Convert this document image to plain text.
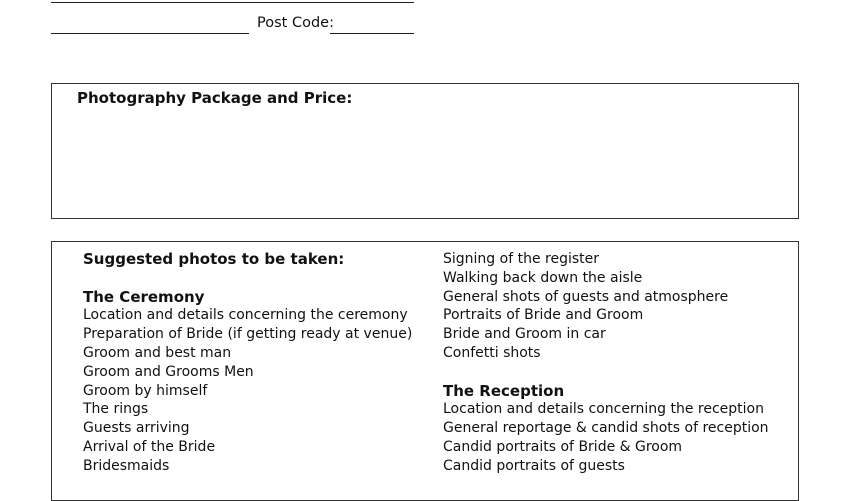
Post Code:
Photography Package and Price:
Suggested photos to be taken:
The Ceremony
Location and details concerning the ceremony
Preparation of Bride (if getting ready at venue)
Groom and best man
Groom and Grooms Men
Groom by himself
The rings
Guests arriving
Arrival of the Bride
Bridesmaids
Signing of the register
Walking back down the aisle
General shots of guests and atmosphere
Portraits of Bride and Groom
Bride and Groom in car
Confetti shots
The Reception
Location and details concerning the reception
General reportage & candid shots of reception
Candid portraits of Bride & Groom
Candid portraits of guests
